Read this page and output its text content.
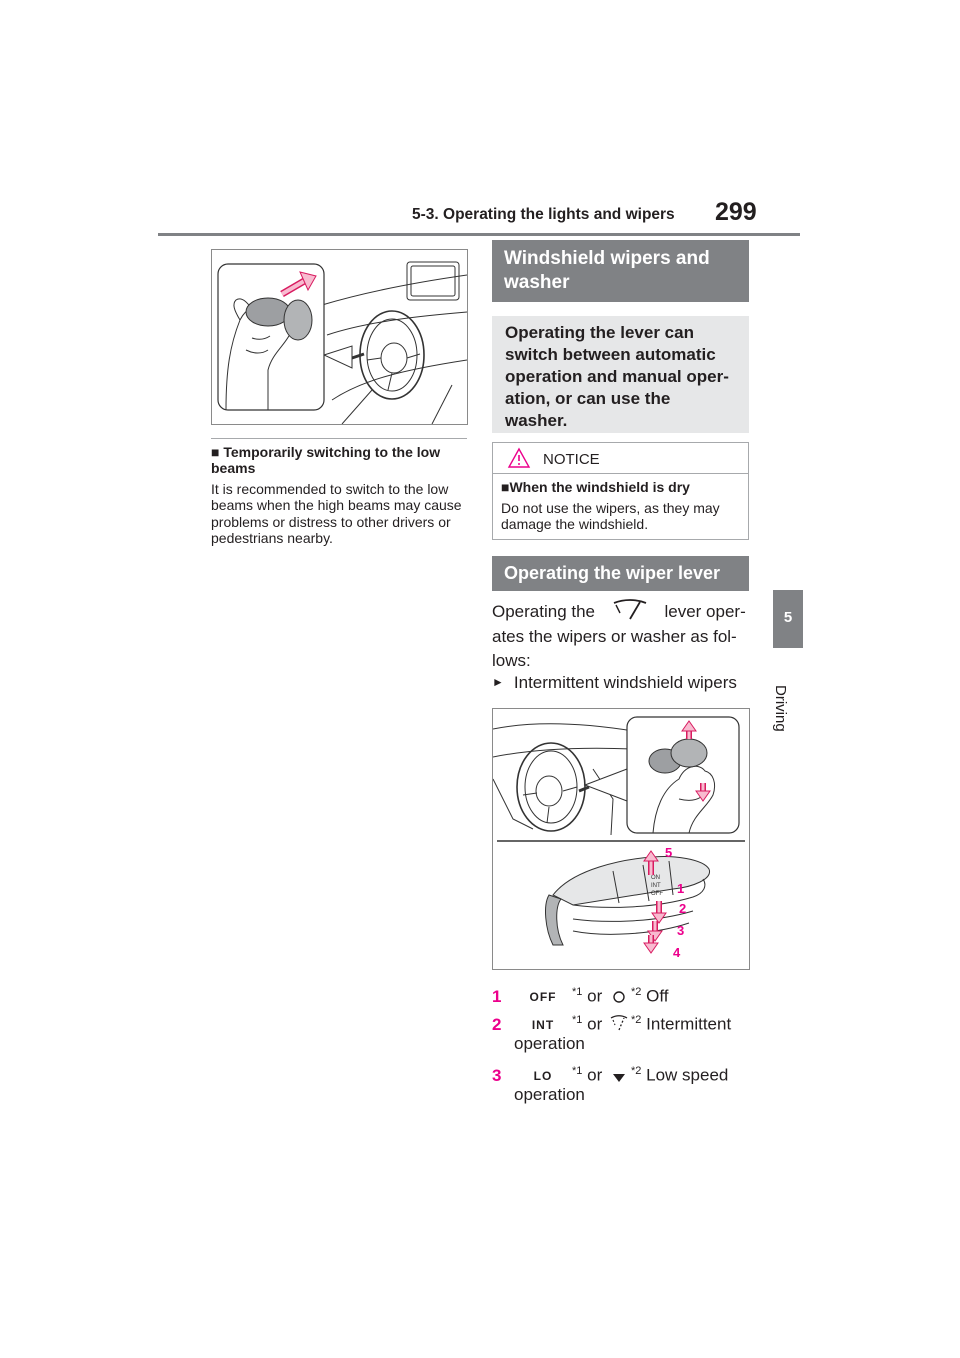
5-3. Operating the lights and wipers 299
5
Driving
■ Temporarily switching to the low beams
It is recommended to switch to the low beams when the high beams may cause problems or distress to other drivers or pedestrians nearby.
Windshield wipers and washer
Operating the lever can switch between automatic operation and manual oper-ation, or can use the washer.
NOTICE
■When the windshield is dry
Do not use the wipers, as they may damage the windshield.
Operating the wiper lever
Operating the	lever oper-ates the wipers or washer as fol-lows:
► Intermittent windshield wipers
ON
INT
OFF
5
1
2
3
4
1 OFF $^{*1}$ or	$^{*2}$ Off
2	INT $^{*1}$ or	$^{*2}$ Intermittent
operation
3	LO $^{*1}$ or	$^{*2}$ Low speed
operation
